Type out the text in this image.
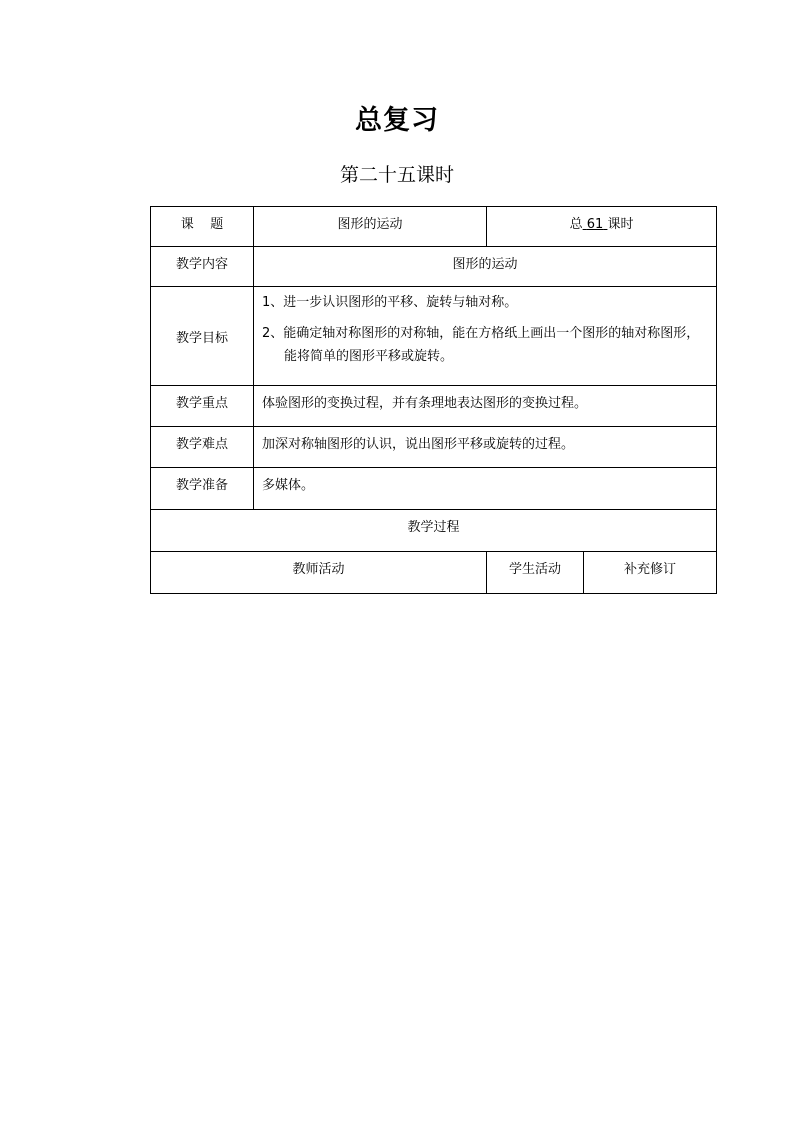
总复习
第二十五课时
课    题	图形的运动	总 61 课时	

教学内容	图形的运动		

教学目标	1、进一步认识图形的平移、旋转与轴对称。
2、能确定轴对称图形的对称轴，能在方格纸上画出一个图形的轴对称图形，能将简单的图形平移或旋转。		

教学重点	体验图形的变换过程，并有条理地表达图形的变换过程。		
教学难点	加深对称轴图形的认识，说出图形平移或旋转的过程。		
教学准备	多媒体。		

教学过程			

教师活动		学生活动	补充修订
